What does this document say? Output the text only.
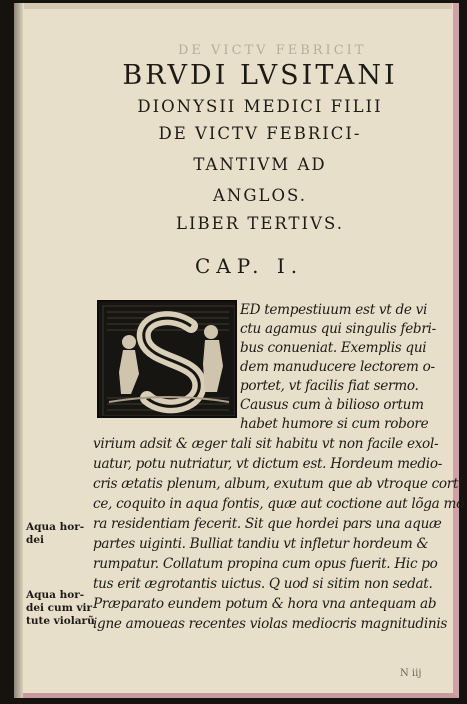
DE VICTV FEBRICIT
BRVDI LVSITANI
DIONYSII MEDICI FILII
DE VICTV FEBRICI-
TANTIVM AD
ANGLOS.
LIBER TERTIVS.
CAP. I.
ED tempestiuum est vt de vi
ctu agamus qui singulis febri-
bus conueniat. Exemplis qui
dem manuducere lectorem o-
portet, vt facilis fiat sermo.
Causus cum à bilioso ortum
habet humore si cum robore
virium adsit & æger tali sit habitu vt non facile exol-
uatur, potu nutriatur, vt dictum est. Hordeum medio-
cris ætatis plenum, album, exutum que ab vtroque corti
ce, coquito in aqua fontis, quæ aut coctione aut lõga mo
ra residentiam fecerit. Sit que hordei pars una aquæ
partes uiginti. Bulliat tandiu vt infletur hordeum &
rumpatur. Collatum propina cum opus fuerit. Hic po
tus erit ægrotantis uictus. Q uod si sitim non sedat.
Præparato eundem potum & hora vna antequam ab
igne amoueas recentes violas mediocris magnitudinis
Aqua hor-
dei
Aqua hor-
dei cum vir
tute violarũ
N iij
